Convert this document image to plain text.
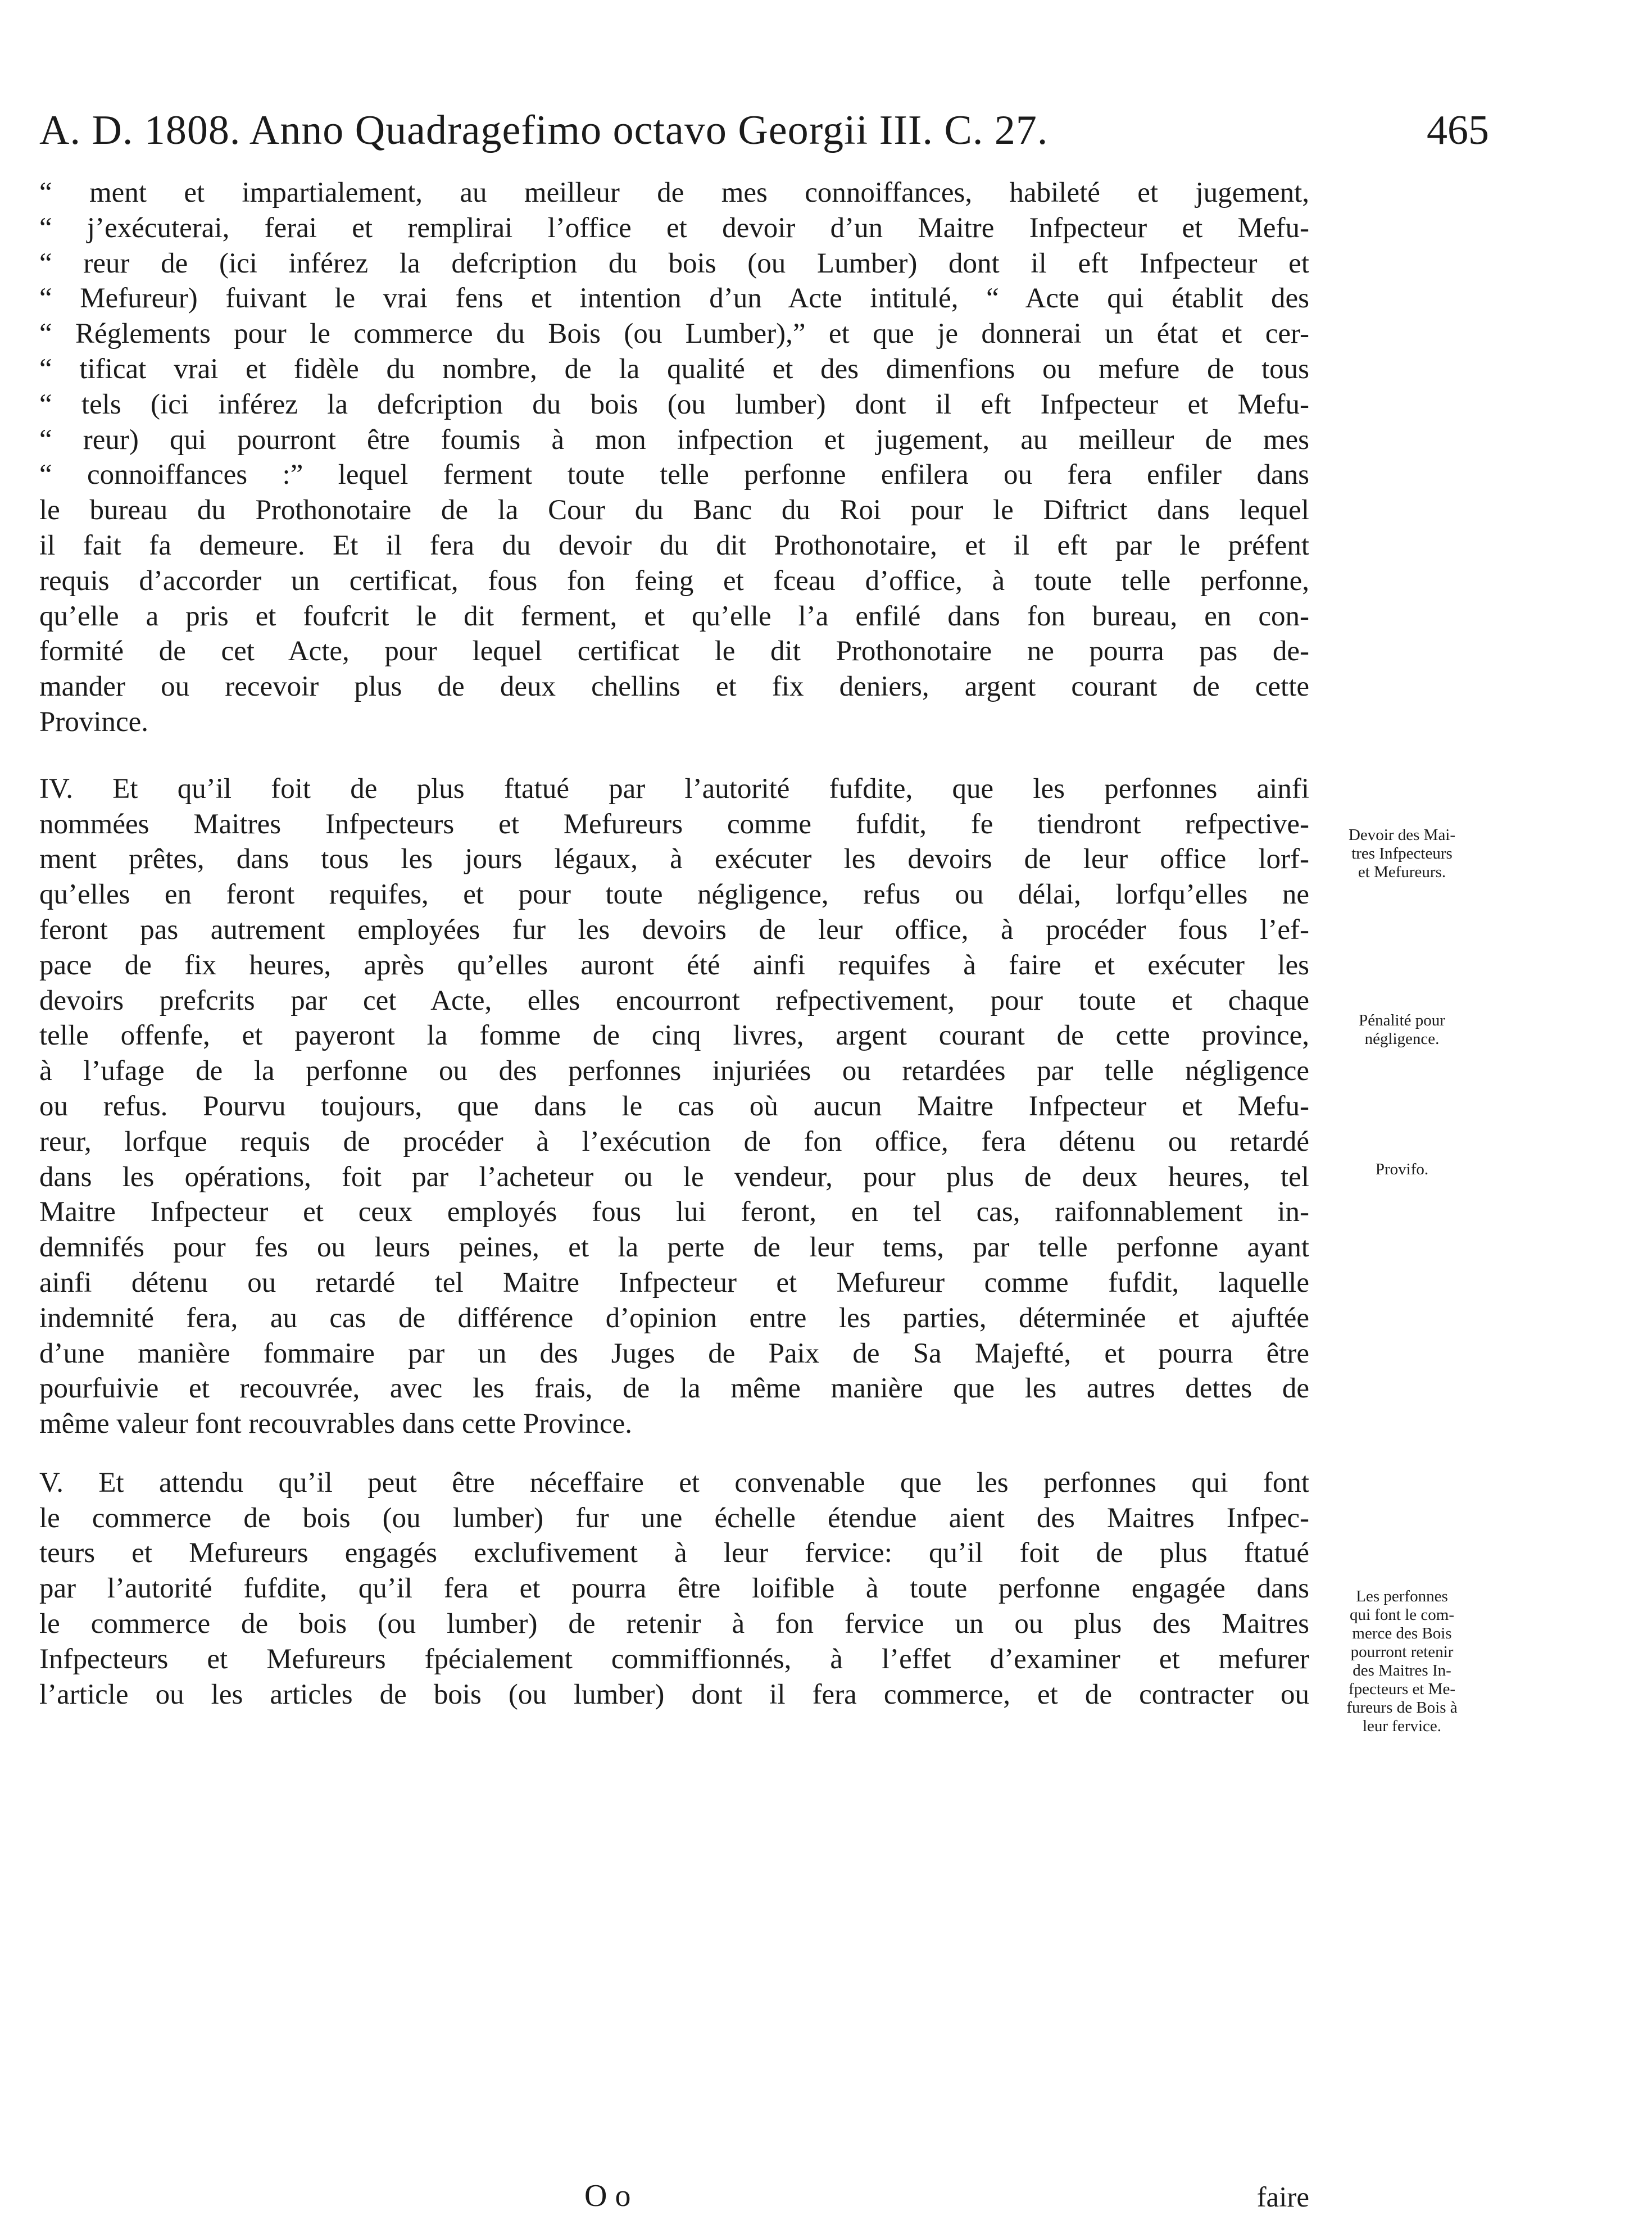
A. D. 1808. Anno Quadragefimo octavo Georgii III. C. 27.	465
“ ment et impartialement, au meilleur de mes connoiffances, habileté et jugement,
“ j’exécuterai, ferai et remplirai l’office et devoir d’un Maitre Infpecteur et Mefu-
“ reur de (ici inférez la defcription du bois (ou Lumber) dont il eft Infpecteur et
“ Mefureur) fuivant le vrai fens et intention d’un Acte intitulé, “ Acte qui établit des
“ Réglements pour le commerce du Bois (ou Lumber),” et que je donnerai un état et cer-
“ tificat vrai et fidèle du nombre, de la qualité et des dimenfions ou mefure de tous
“ tels (ici inférez la defcription du bois (ou lumber) dont il eft Infpecteur et Mefu-
“ reur) qui pourront être foumis à mon infpection et jugement, au meilleur de mes
“ connoiffances :” lequel ferment toute telle perfonne enfilera ou fera enfiler dans
le bureau du Prothonotaire de la Cour du Banc du Roi pour le Diftrict dans lequel
il fait fa demeure. Et il fera du devoir du dit Prothonotaire, et il eft par le préfent
requis d’accorder un certificat, fous fon feing et fceau d’office, à toute telle perfonne,
qu’elle a pris et foufcrit le dit ferment, et qu’elle l’a enfilé dans fon bureau, en con-
formité de cet Acte, pour lequel certificat le dit Prothonotaire ne pourra pas de-
mander ou recevoir plus de deux chellins et fix deniers, argent courant de cette
Province.
IV. Et qu’il foit de plus ftatué par l’autorité fufdite, que les perfonnes ainfi
nommées Maitres Infpecteurs et Mefureurs comme fufdit, fe tiendront refpective-
ment prêtes, dans tous les jours légaux, à exécuter les devoirs de leur office lorf-
qu’elles en feront requifes, et pour toute négligence, refus ou délai, lorfqu’elles ne
feront pas autrement employées fur les devoirs de leur office, à procéder fous l’ef-
pace de fix heures, après qu’elles auront été ainfi requifes à faire et exécuter les
devoirs prefcrits par cet Acte, elles encourront refpectivement, pour toute et chaque
telle offenfe, et payeront la fomme de cinq livres, argent courant de cette province,
à l’ufage de la perfonne ou des perfonnes injuriées ou retardées par telle négligence
ou refus. Pourvu toujours, que dans le cas où aucun Maitre Infpecteur et Mefu-
reur, lorfque requis de procéder à l’exécution de fon office, fera détenu ou retardé
dans les opérations, foit par l’acheteur ou le vendeur, pour plus de deux heures, tel
Maitre Infpecteur et ceux employés fous lui feront, en tel cas, raifonnablement in-
demnifés pour fes ou leurs peines, et la perte de leur tems, par telle perfonne ayant
ainfi détenu ou retardé tel Maitre Infpecteur et Mefureur comme fufdit, laquelle
indemnité fera, au cas de différence d’opinion entre les parties, déterminée et ajuftée
d’une manière fommaire par un des Juges de Paix de Sa Majefté, et pourra être
pourfuivie et recouvrée, avec les frais, de la même manière que les autres dettes de
même valeur font recouvrables dans cette Province.
V. Et attendu qu’il peut être néceffaire et convenable que les perfonnes qui font
le commerce de bois (ou lumber) fur une échelle étendue aient des Maitres Infpec-
teurs et Mefureurs engagés exclufivement à leur fervice: qu’il foit de plus ftatué
par l’autorité fufdite, qu’il fera et pourra être loifible à toute perfonne engagée dans
le commerce de bois (ou lumber) de retenir à fon fervice un ou plus des Maitres
Infpecteurs et Mefureurs fpécialement commiffionnés, à l’effet d’examiner et mefurer
l’article ou les articles de bois (ou lumber) dont il fera commerce, et de contracter ou
Devoir des Mai-
tres Infpecteurs
et Mefureurs.
Pénalité pour
négligence.
Provifo.
Les perfonnes
qui font le com-
merce des Bois
pourront retenir
des Maitres In-
fpecteurs et Me-
fureurs de Bois à
leur fervice.
O o	faire
